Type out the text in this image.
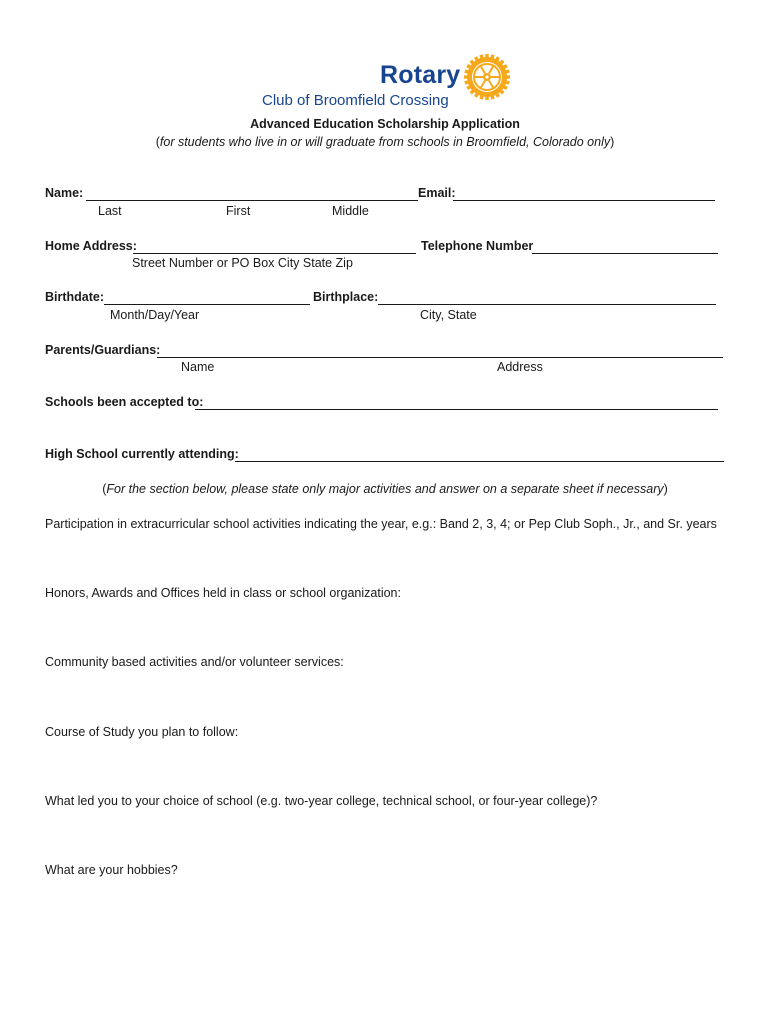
Rotary
Club of Broomfield Crossing
Advanced Education Scholarship Application
(for students who live in or will graduate from schools in Broomfield, Colorado only)
Name:	Email:
Last	First	Middle
Home Address:	Telephone Number
Street Number or PO Box City State Zip
Birthdate:	Birthplace:
Month/Day/Year	City, State
Parents/Guardians:
Name	Address
Schools been accepted to:
High School currently attending:
(For the section below, please state only major activities and answer on a separate sheet if necessary)
Participation in extracurricular school activities indicating the year, e.g.: Band 2, 3, 4; or Pep Club Soph., Jr., and Sr. years
Honors, Awards and Offices held in class or school organization:
Community based activities and/or volunteer services:
Course of Study you plan to follow:
What led you to your choice of school (e.g. two-year college, technical school, or four-year college)?
What are your hobbies?
